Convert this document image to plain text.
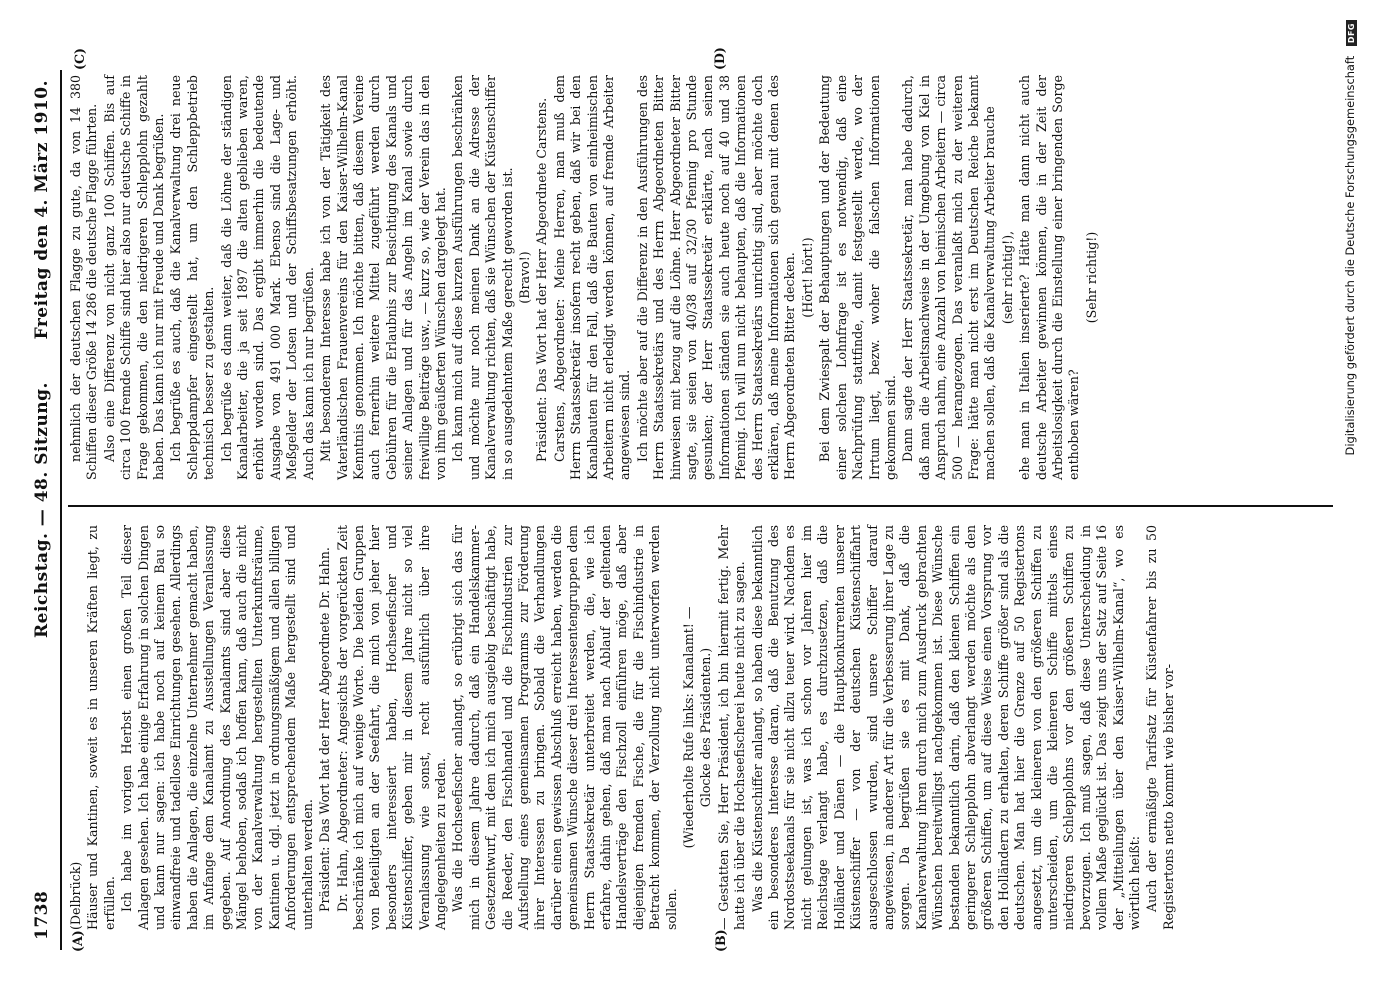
1738
Reichstag. — 48. Sitzung.
Freitag den 4. März 1910.
(A)	(B)
(C)	(D)

(Delbrück) Häuser und Kantinen, soweit es in unseren Kräften liegt, zu erfüllen. Ich habe im vorigen Herbst einen großen Teil dieser Anlagen gesehen. Ich habe einige Erfahrung in solchen Dingen und kann nur sagen: ich habe noch auf keinem Bau so einwandfreie und tadellose Einrichtungen gesehen. Allerdings haben die Anlagen, die einzelne Unternehmer gemacht haben, im Anfange dem Kanalamt zu Ausstellungen Veranlassung gegeben. Auf Anordnung des Kanalamts sind aber diese Mängel behoben, sodaß ich hoffen kann, daß auch die nicht von der Kanalverwaltung hergestellten Unterkunftsräume, Kantinen u. dgl. jetzt in ordnungsmäßigem und allen billigen Anforderungen entsprechendem Maße hergestellt sind und unterhalten werden. Präsident: Das Wort hat der Herr Abgeordnete Dr. Hahn. Dr. Hahn, Abgeordneter: Angesichts der vorgerückten Zeit beschränke ich mich auf wenige Worte. Die beiden Gruppen von Beteiligten an der Seefahrt, die mich von jeher hier besonders interessiert haben, Hochseefischer und Küstenschiffer, geben mir in diesem Jahre nicht so viel Veranlassung wie sonst, recht ausführlich über ihre Angelegenheiten zu reden. Was die Hochseefischer anlangt, so erübrigt sich das für mich in diesem Jahre dadurch, daß ein Handelskammer-Gesetzentwurf, mit dem ich mich ausgiebig beschäftigt habe, die Reeder, den Fischhandel und die Fischindustrien zur Aufstellung eines gemeinsamen Programms zur Förderung ihrer Interessen zu bringen. Sobald die Verhandlungen darüber einen gewissen Abschluß erreicht haben, werden die gemeinsamen Wünsche dieser drei Interessentengruppen dem Herrn Staatssekretär unterbreitet werden, die, wie ich erfahre, dahin gehen, daß man nach Ablauf der geltenden Handelsverträge den Fischzoll einführen möge, daß aber diejenigen fremden Fische, die für die Fischindustrie in Betracht kommen, der Verzollung nicht unterworfen werden sollen.

(Wiederholte Rufe links: Kanalamt! — Glocke des Präsidenten.) — Gestatten Sie, Herr Präsident, ich bin hiermit fertig. Mehr hatte ich über die Hochseefischerei heute nicht zu sagen. Was die Küstenschiffer anlangt, so haben diese bekanntlich ein besonderes Interesse daran, daß die Benutzung des Nordostseekanals für sie nicht allzu teuer wird. Nachdem es nicht gelungen ist, was ich schon vor Jahren hier im Reichstage verlangt habe, es durchzusetzen, daß die Holländer und Dänen — die Hauptkonkurrenten unserer Küstenschiffer — von der deutschen Küstenschiffahrt ausgeschlossen wurden, sind unsere Schiffer darauf angewiesen, in anderer Art für die Verbesserung ihrer Lage zu sorgen. Da begrüßen sie es mit Dank, daß die Kanalverwaltung ihren durch mich zum Ausdruck gebrachten Wünschen bereitwilligst nachgekommen ist. Diese Wünsche bestanden bekanntlich darin, daß den kleinen Schiffen ein geringerer Schlepplohn abverlangt werden möchte als den größeren Schiffen, um auf diese Weise einen Vorsprung vor den Holländern zu erhalten, deren Schiffe größer sind als die deutschen. Man hat hier die Grenze auf 50 Registertons angesetzt, um die kleineren von den größeren Schiffen zu unterscheiden, um die kleineren Schiffe mittels eines niedrigeren Schlepplohns vor den größeren Schiffen zu bevorzugen. Ich muß sagen, daß diese Unterscheidung in vollem Maße geglückt ist. Das zeigt uns der Satz auf Seite 16 der „Mitteilungen über den Kaiser-Wilhelm-Kanal“, wo es wörtlich heißt: Auch der ermäßigte Tarifsatz für Küstenfahrer bis zu 50 Registertons netto kommt wie bisher vor-

nehmlich der deutschen Flagge zu gute, da von 14 380 Schiffen dieser Größe 14 286 die deutsche Flagge führten. Also eine Differenz von nicht ganz 100 Schiffen. Bis auf circa 100 fremde Schiffe sind hier also nur deutsche Schiffe in Frage gekommen, die den niedrigeren Schlepplohn gezahlt haben. Das kann ich nur mit Freude und Dank begrüßen. Ich begrüße es auch, daß die Kanalverwaltung drei neue Schleppdampfer eingestellt hat, um den Schleppbetrieb technisch besser zu gestalten. Ich begrüße es dann weiter, daß die Löhne der ständigen Kanalarbeiter, die ja seit 1897 die alten geblieben waren, erhöht worden sind. Das ergibt immerhin die bedeutende Ausgabe von 491 000 Mark. Ebenso sind die Lage- und Meßgelder der Lotsen und der Schiffsbesatzungen erhöht. Auch das kann ich nur begrüßen. Mit besonderem Interesse habe ich von der Tätigkeit des Vaterländischen Frauenvereins für den Kaiser-Wilhelm-Kanal Kenntnis genommen. Ich möchte bitten, daß diesem Vereine auch fernerhin weitere Mittel zugeführt werden durch Gebühren für die Erlaubnis zur Besichtigung des Kanals und seiner Anlagen und für das Angeln im Kanal sowie durch freiwillige Beiträge usw., — kurz so, wie der Verein das in den von ihm geäußerten Wünschen dargelegt hat. Ich kann mich auf diese kurzen Ausführungen beschränken und möchte nur noch meinen Dank an die Adresse der Kanalverwaltung richten, daß sie Wünschen der Küstenschiffer in so ausgedehntem Maße gerecht geworden ist. (Bravo!) Präsident: Das Wort hat der Herr Abgeordnete Carstens. Carstens, Abgeordneter: Meine Herren, man muß dem Herrn Staatssekretär insofern recht geben, daß wir bei den Kanalbauten für den Fall, daß die Bauten von einheimischen Arbeitern nicht erledigt werden können, auf fremde Arbeiter angewiesen sind. Ich möchte aber auf die Differenz in den Ausführungen des Herrn Staatssekretärs und des Herrn Abgeordneten Bitter hinweisen mit bezug auf die Löhne. Herr Abgeordneter Bitter sagte, sie seien von 40/38 auf 32/30 Pfennig pro Stunde gesunken; der Herr Staatssekretär erklärte, nach seinen Informationen ständen sie auch heute noch auf 40 und 38 Pfennig. Ich will nun nicht behaupten, daß die Informationen des Herrn Staatssekretärs unrichtig sind, aber möchte doch erklären, daß meine Informationen sich genau mit denen des Herrn Abgeordneten Bitter decken. (Hört! hört!) Bei dem Zwiespalt der Behauptungen und der Bedeutung einer solchen Lohnfrage ist es notwendig, daß eine Nachprüfung stattfinde, damit festgestellt werde, wo der Irrtum liegt, bezw. woher die falschen Informationen gekommen sind. Dann sagte der Herr Staatssekretär, man habe dadurch, daß man die Arbeitsnachweise in der Umgebung von Kiel in Anspruch nahm, eine Anzahl von heimischen Arbeitern — circa 500 — herangezogen. Das veranlaßt mich zu der weiteren Frage: hätte man nicht erst im Deutschen Reiche bekannt machen sollen, daß die Kanalverwaltung Arbeiter brauche (sehr richtig!), ehe man in Italien inserierte? Hätte man dann nicht auch deutsche Arbeiter gewinnen können, die in der Zeit der Arbeitslosigkeit durch die Einstellung einer bringenden Sorge enthoben wären?

(Sehr richtig!)	Digitalisierung gefördert durch die Deutsche Forschungsgemeinschaft DFG
